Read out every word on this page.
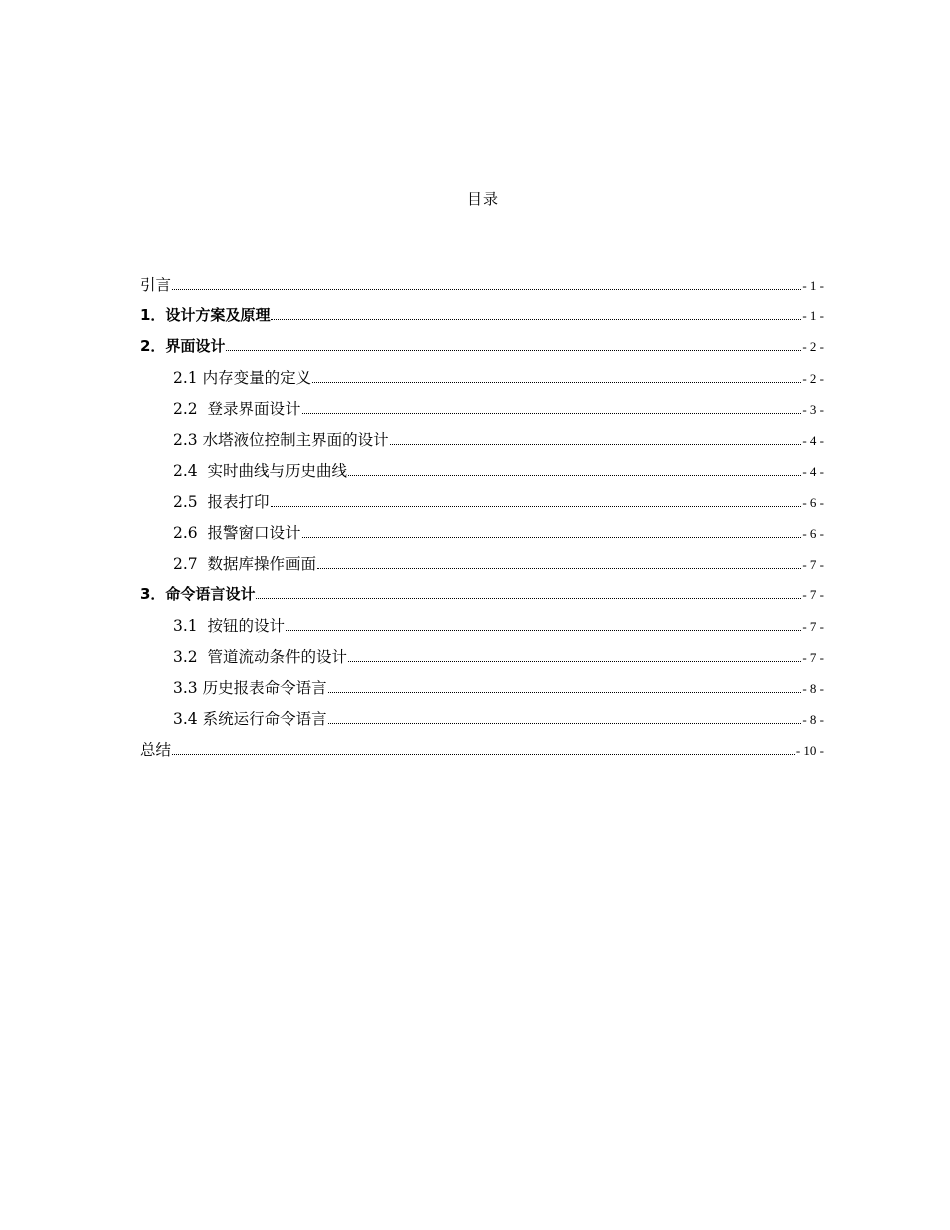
目录
引言	- 1 -
1．设计方案及原理	- 1 -
2．界面设计	- 2 -
2.1 内存变量的定义	- 2 -
2.2  登录界面设计	- 3 -
2.3 水塔液位控制主界面的设计	- 4 -
2.4  实时曲线与历史曲线	- 4 -
2.5  报表打印	- 6 -
2.6  报警窗口设计	- 6 -
2.7  数据库操作画面	- 7 -
3．命令语言设计	- 7 -
3.1  按钮的设计	- 7 -
3.2  管道流动条件的设计	- 7 -
3.3 历史报表命令语言	- 8 -
3.4 系统运行命令语言	- 8 -
总结	- 10 -
